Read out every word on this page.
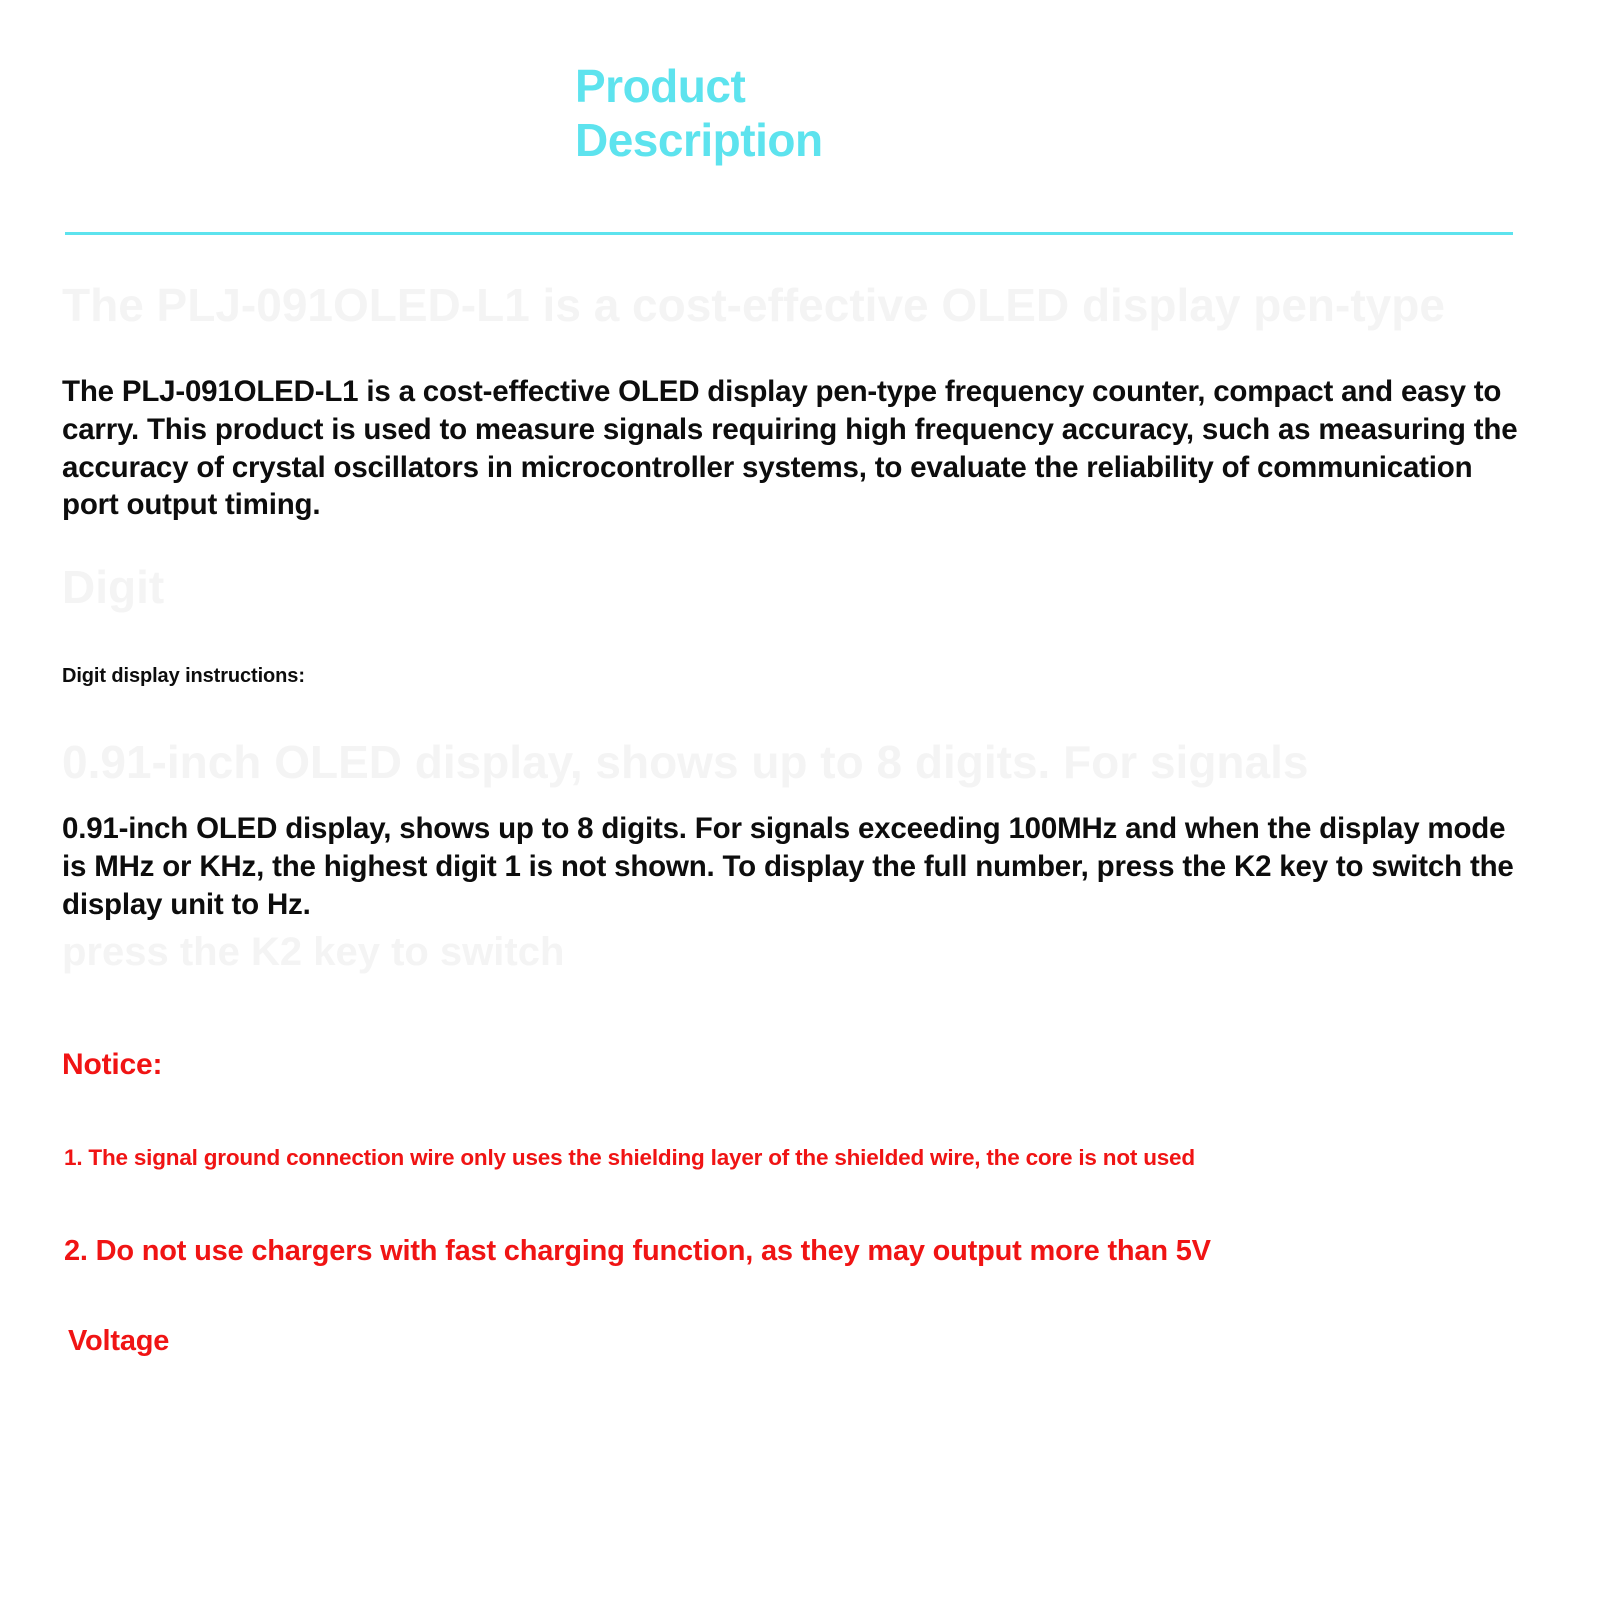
Product
Description
The PLJ-091OLED-L1 is a cost-effective OLED display pen-type
Digit
0.91-inch OLED display, shows up to 8 digits. For signals
press the K2 key to switch
The PLJ-091OLED-L1 is a cost-effective OLED display pen-type frequency counter, compact and easy to carry. This product is used to measure signals requiring high frequency accuracy, such as measuring the accuracy of crystal oscillators in microcontroller systems, to evaluate the reliability of communication port output timing.
Digit display instructions:
0.91-inch OLED display, shows up to 8 digits. For signals exceeding 100MHz and when the display mode is MHz or KHz, the highest digit 1 is not shown. To display the full number, press the K2 key to switch the display unit to Hz.
Notice:
1. The signal ground connection wire only uses the shielding layer of the shielded wire, the core is not used
2. Do not use chargers with fast charging function, as they may output more than 5V
Voltage
